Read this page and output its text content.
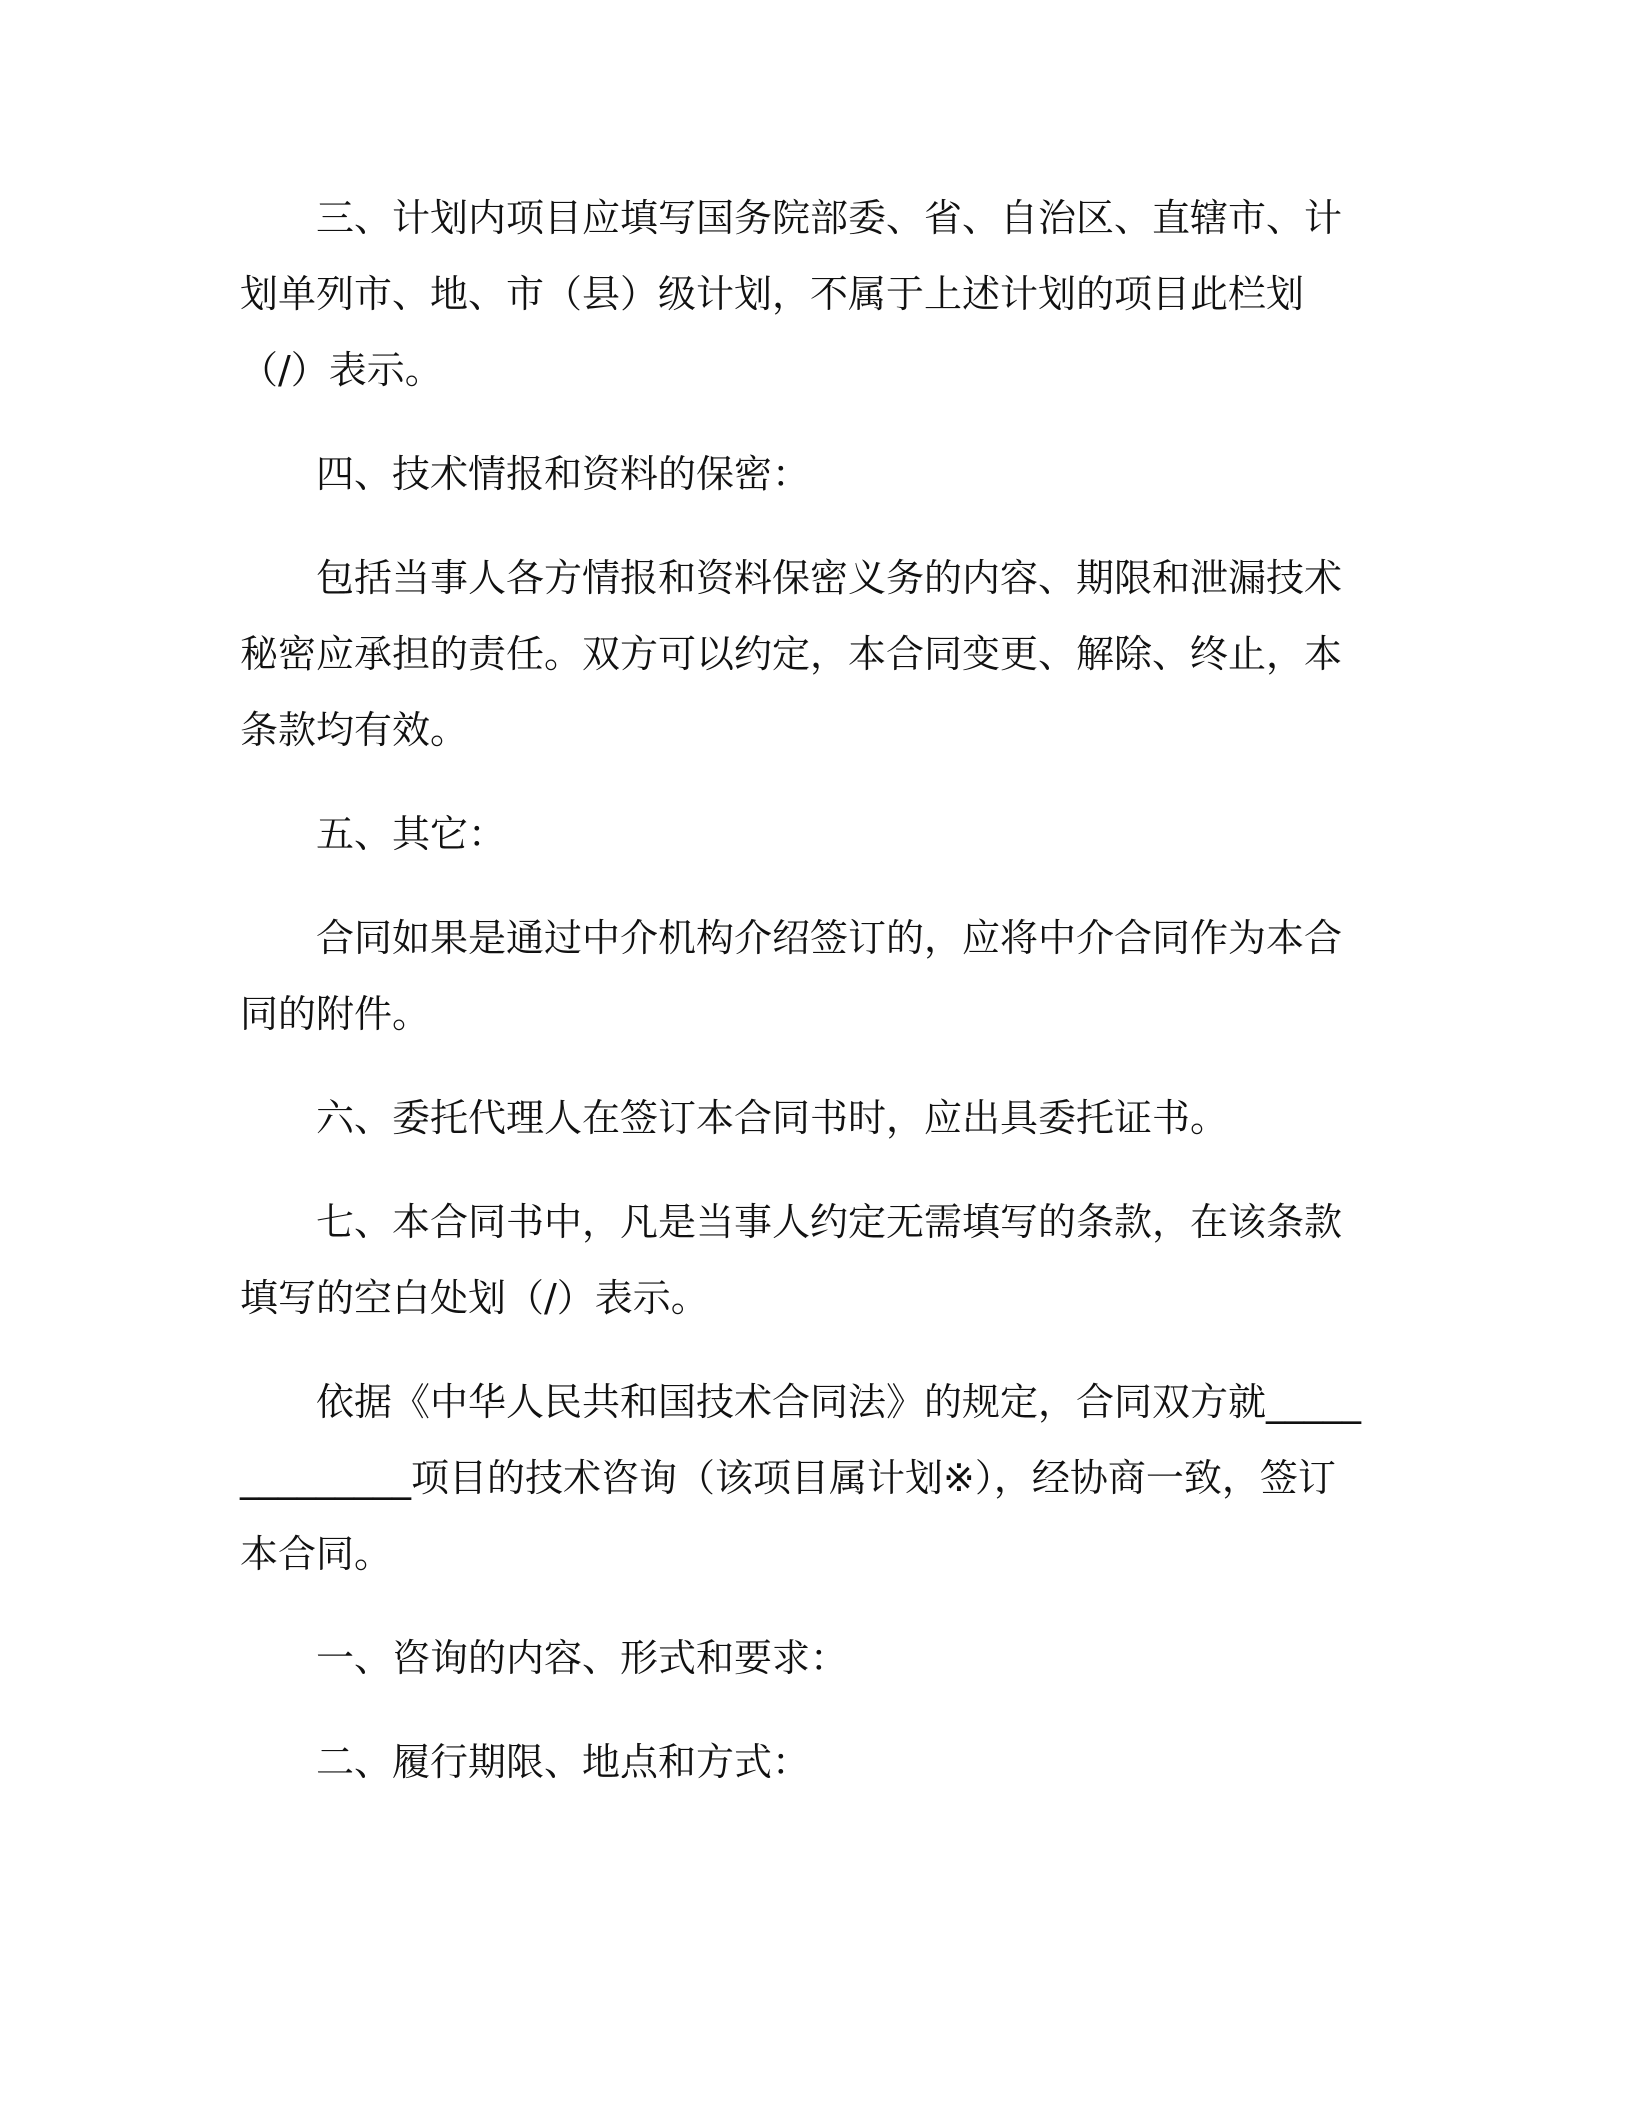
三、计划内项目应填写国务院部委、省、自治区、直辖市、计划单列市、地、市（县）级计划，不属于上述计划的项目此栏划（/）表示。

四、技术情报和资料的保密：

包括当事人各方情报和资料保密义务的内容、期限和泄漏技术秘密应承担的责任。双方可以约定，本合同变更、解除、终止，本条款均有效。

五、其它：

合同如果是通过中介机构介绍签订的，应将中介合同作为本合同的附件。

六、委托代理人在签订本合同书时，应出具委托证书。

七、本合同书中，凡是当事人约定无需填写的条款，在该条款填写的空白处划（/）表示。

依据《中华人民共和国技术合同法》的规定，合同双方就______________项目的技术咨询（该项目属计划※），经协商一致，签订本合同。

一、咨询的内容、形式和要求：

二、履行期限、地点和方式：
